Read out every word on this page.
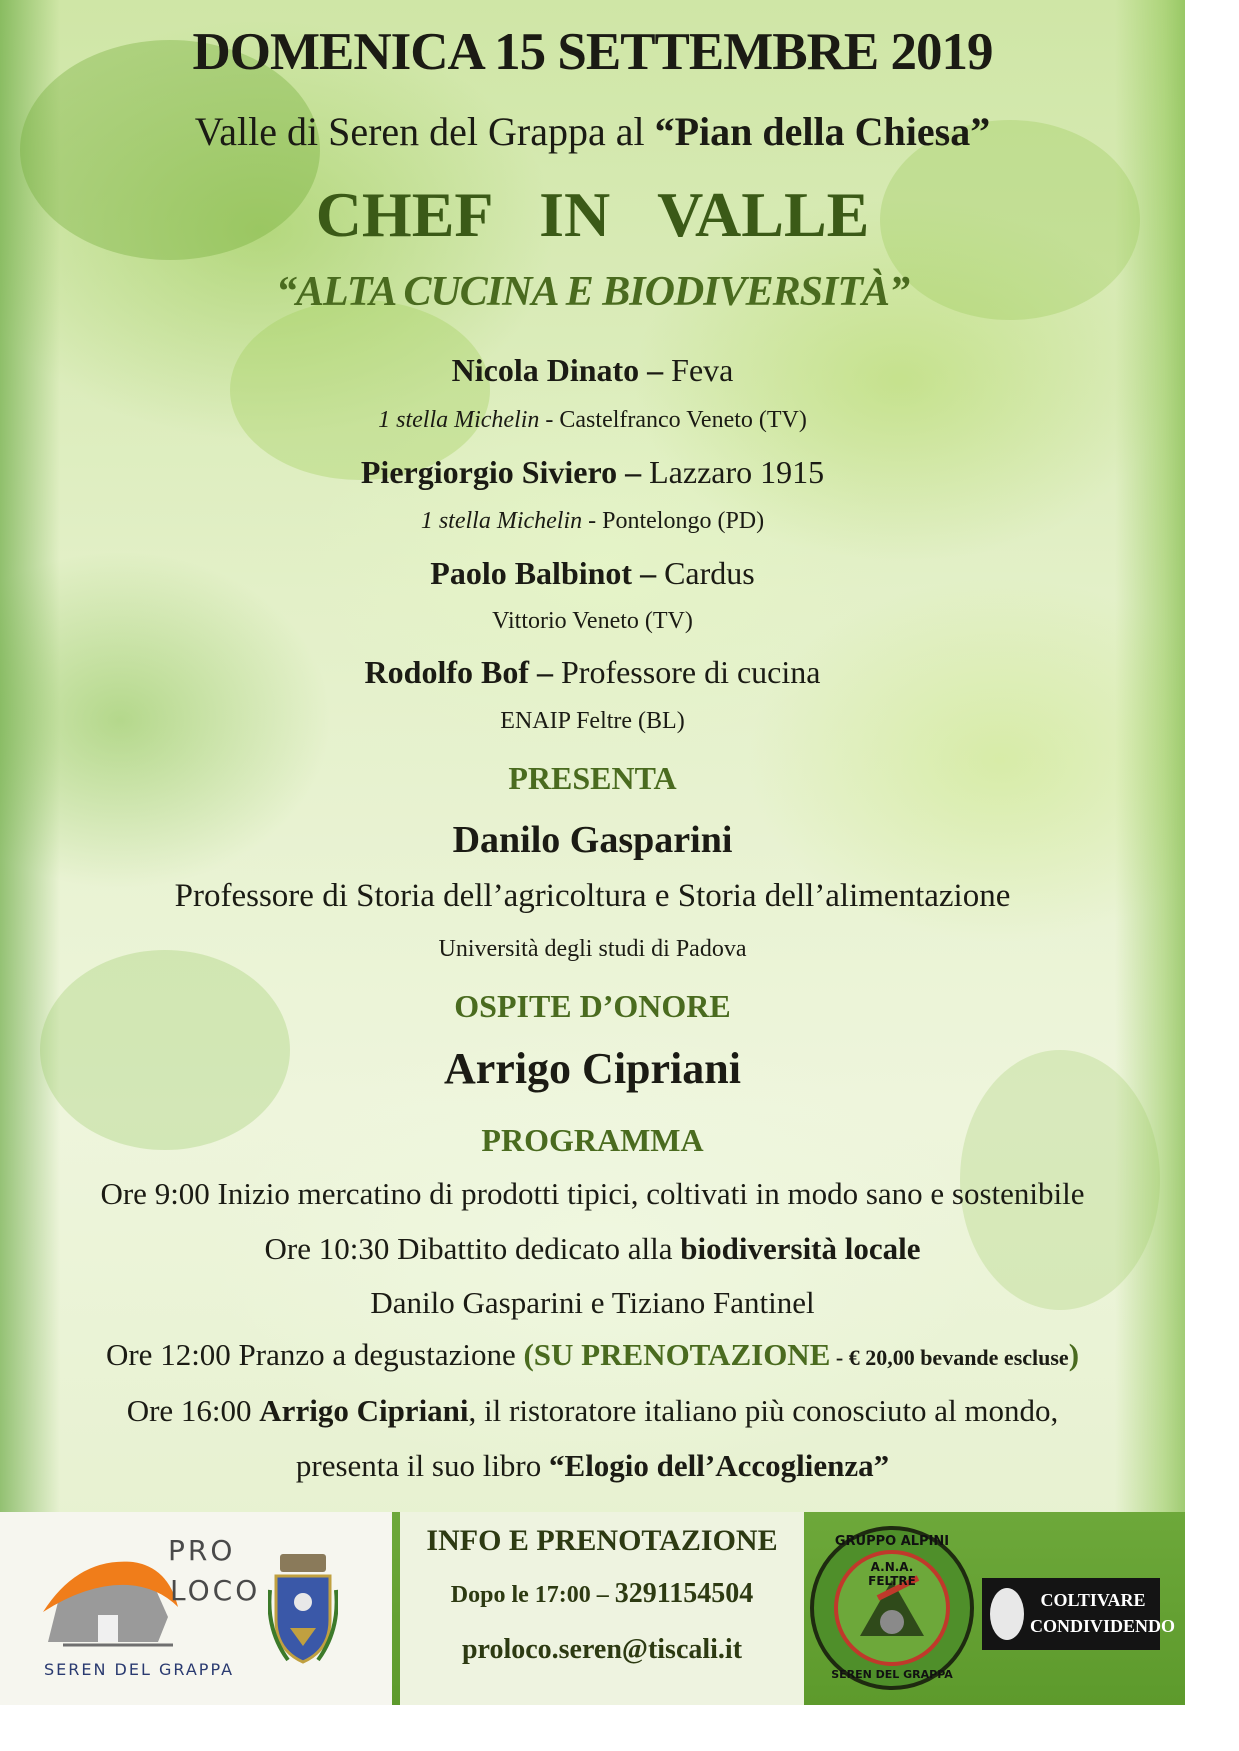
DOMENICA 15 SETTEMBRE 2019
Valle di Seren del Grappa al “Pian della Chiesa”
CHEF   IN   VALLE
“ALTA CUCINA E BIODIVERSITÀ”
Nicola Dinato – Feva
1 stella Michelin - Castelfranco Veneto (TV)
Piergiorgio Siviero – Lazzaro 1915
1 stella Michelin - Pontelongo (PD)
Paolo Balbinot – Cardus
Vittorio Veneto (TV)
Rodolfo Bof – Professore di cucina
ENAIP Feltre (BL)
PRESENTA
Danilo Gasparini
Professore di Storia dell’agricoltura e Storia dell’alimentazione
Università degli studi di Padova
OSPITE D’ONORE
Arrigo Cipriani
PROGRAMMA
Ore 9:00 Inizio mercatino di prodotti tipici, coltivati in modo sano e sostenibile
Ore 10:30 Dibattito dedicato alla biodiversità locale
Danilo Gasparini e Tiziano Fantinel
Ore 12:00 Pranzo a degustazione (SU PRENOTAZIONE - € 20,00 bevande escluse)
Ore 16:00 Arrigo Cipriani, il ristoratore italiano più conosciuto al mondo,
presenta il suo libro “Elogio dell’Accoglienza”
PRO
LOCO
SEREN DEL GRAPPA
INFO E PRENOTAZIONE
Dopo le 17:00 – 3291154504
proloco.seren@tiscali.it
GRUPPO ALPINI
A.N.A.
FELTRE
SEREN DEL GRAPPA
COLTIVARE
CONDIVIDENDO
